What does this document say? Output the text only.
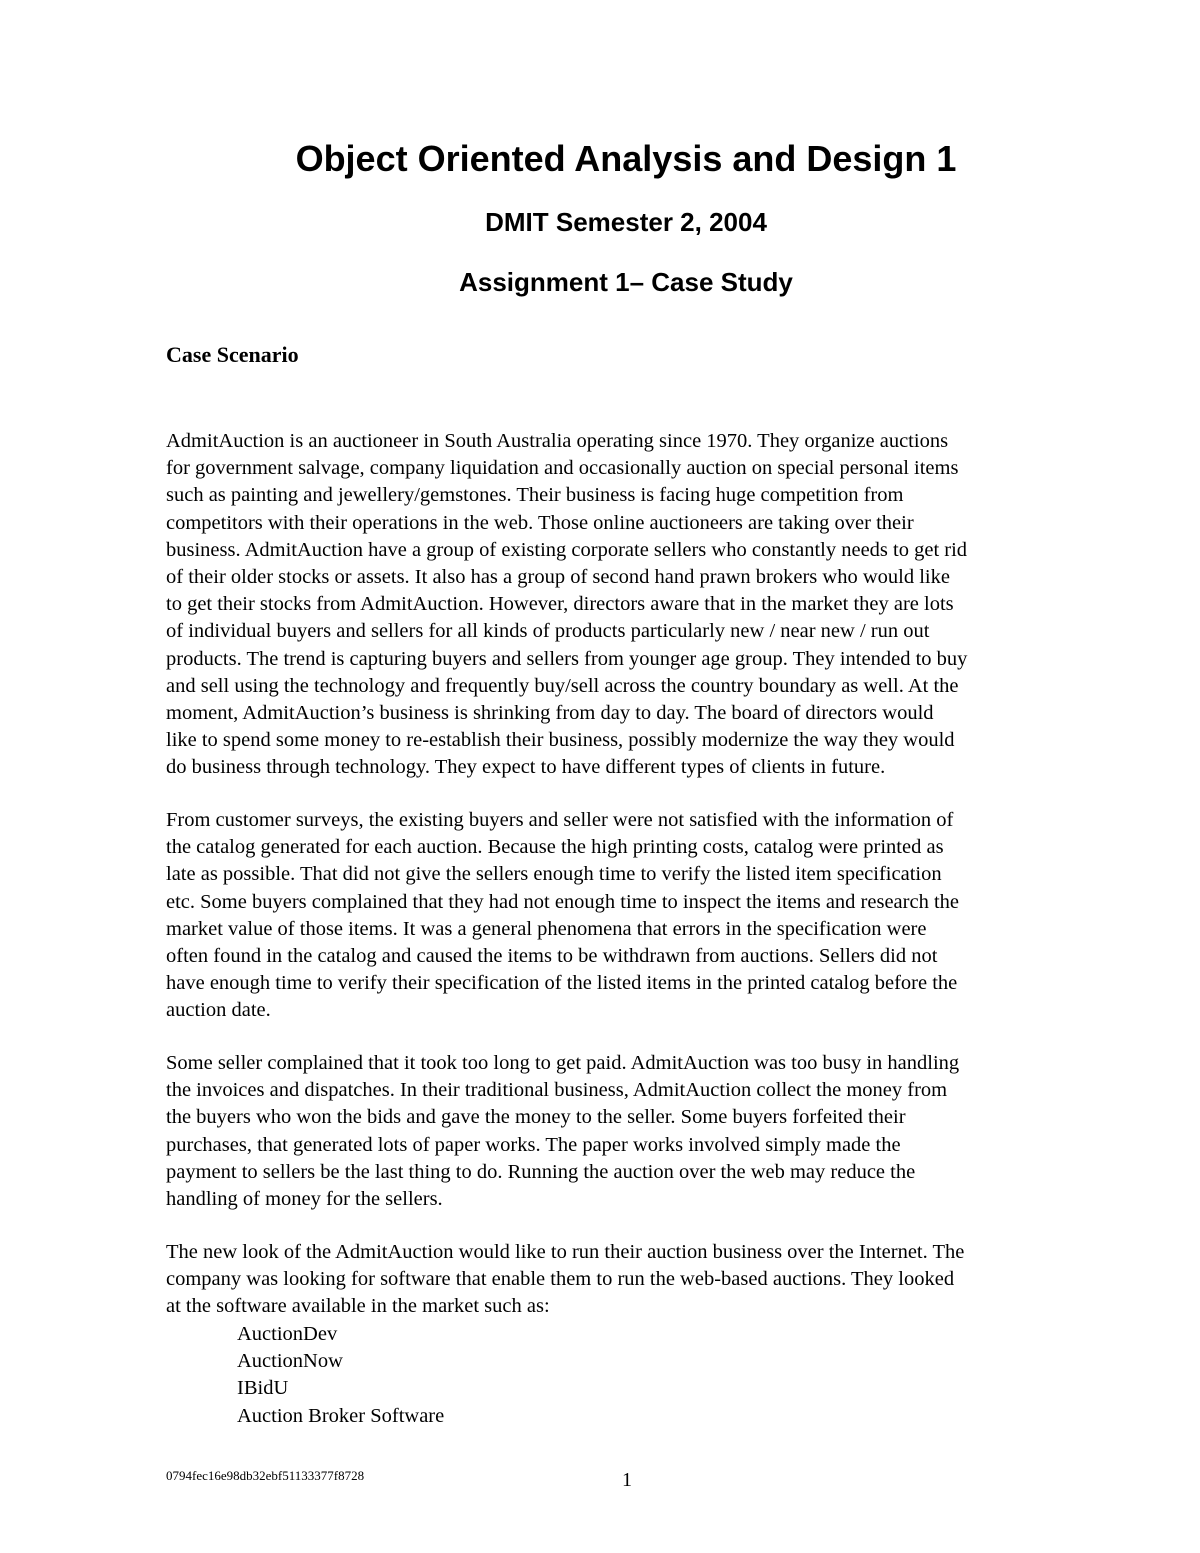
Object Oriented Analysis and Design 1
DMIT Semester 2, 2004
Assignment 1– Case Study
Case Scenario
AdmitAuction is an auctioneer in South Australia operating since 1970. They organize auctions
for government salvage, company liquidation and occasionally auction on special personal items
such as painting and jewellery/gemstones. Their business is facing huge competition from
competitors with their operations in the web. Those online auctioneers are taking over their
business. AdmitAuction have a group of existing corporate sellers who constantly needs to get rid
of their older stocks or assets. It also has a group of second hand prawn brokers who would like
to get their stocks from AdmitAuction. However, directors aware that in the market they are lots
of individual buyers and sellers for all kinds of products particularly new / near new / run out
products. The trend is capturing buyers and sellers from younger age group. They intended to buy
and sell using the technology and frequently buy/sell across the country boundary as well. At the
moment, AdmitAuction’s business is shrinking from day to day. The board of directors would
like to spend some money to re-establish their business, possibly modernize the way they would
do business through technology. They expect to have different types of clients in future.
From customer surveys, the existing buyers and seller were not satisfied with the information of
the catalog generated for each auction. Because the high printing costs, catalog were printed as
late as possible. That did not give the sellers enough time to verify the listed item specification
etc. Some buyers complained that they had not enough time to inspect the items and research the
market value of those items. It was a general phenomena that errors in the specification were
often found in the catalog and caused the items to be withdrawn from auctions. Sellers did not
have enough time to verify their specification of the listed items in the printed catalog before the
auction date.
Some seller complained that it took too long to get paid. AdmitAuction was too busy in handling
the invoices and dispatches. In their traditional business, AdmitAuction collect the money from
the buyers who won the bids and gave the money to the seller. Some buyers forfeited their
purchases, that generated lots of paper works. The paper works involved simply made the
payment to sellers be the last thing to do. Running the auction over the web may reduce the
handling of money for the sellers.
The new look of the AdmitAuction would like to run their auction business over the Internet. The
company was looking for software that enable them to run the web-based auctions. They looked
at the software available in the market such as:
AuctionDev
AuctionNow
IBidU
Auction Broker Software
0794fec16e98db32ebf51133377f8728	1
